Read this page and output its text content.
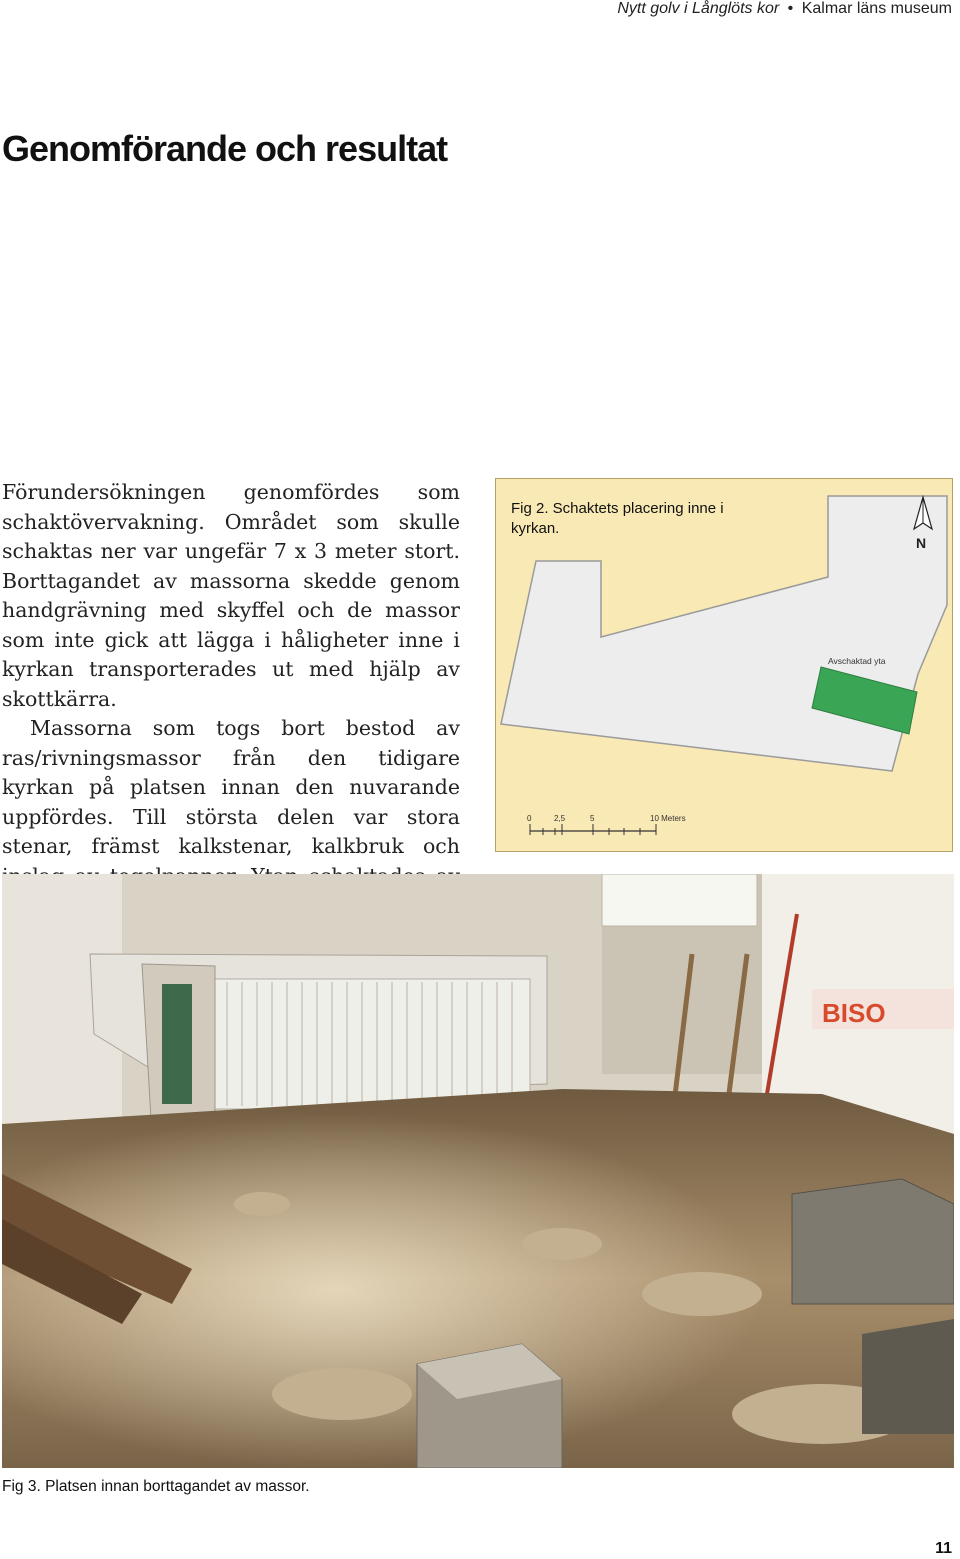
Nytt golv i Långlöts kor • Kalmar läns museum
Genomförande och resultat

Förundersökningen genomfördes som schaktövervakning. Området som skulle schaktas ner var ungefär 7 x 3 meter stort. Borttagandet av massorna skedde genom handgrävning med skyffel och de massor som inte gick att lägga i håligheter inne i kyrkan transporterades ut med hjälp av skottkärra.

Massorna som togs bort bestod av ras/rivningsmassor från den tidigare kyrkan på platsen innan den nuvarande uppfördes. Till största delen var stora stenar, främst kalkstenar, kalkbruk och

Avschaktad yta
N
0	2,5	5	10 Meters

Fig 2. Schaktets placering inne i kyrkan.

BISO

Fig 3. Platsen innan borttagandet av massor.

11
